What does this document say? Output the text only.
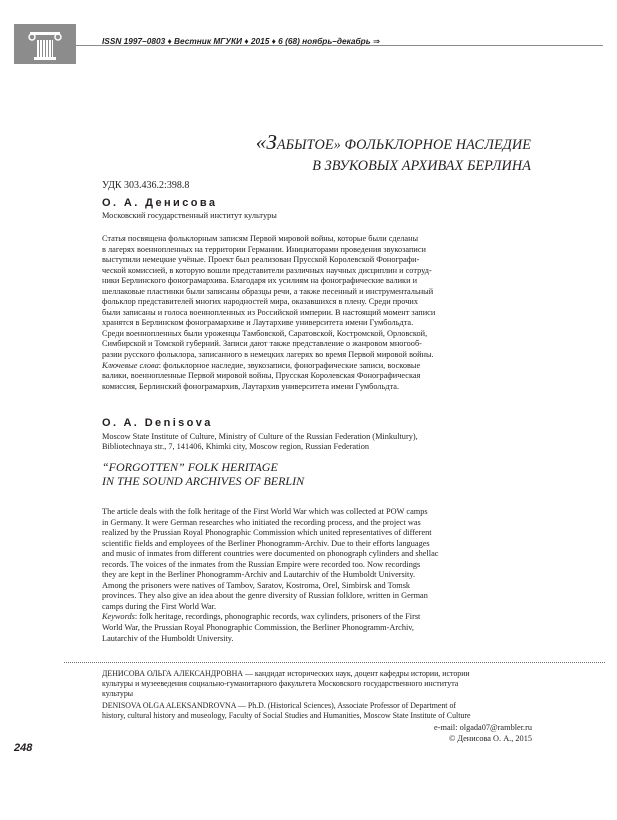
ISSN 1997–0803 ♦ Вестник МГУКИ ♦ 2015 ♦ 6 (68) ноябрь–декабрь ⇒
«ЗАБЫТОЕ» ФОЛЬКЛОРНОЕ НАСЛЕДИЕ
В ЗВУКОВЫХ АРХИВАХ БЕРЛИНА
УДК 303.436.2:398.8
О. А. Денисова
Московский государственный институт культуры
Статья посвящена фольклорным записям Первой мировой войны, которые были сделаны
в лагерях военнопленных на территории Германии. Инициаторами проведения звукозаписи
выступили немецкие учёные. Проект был реализован Прусской Королевской Фонографи-
ческой комиссией, в которую вошли представители различных научных дисциплин и сотруд-
ники Берлинского фонограмархива. Благодаря их усилиям на фонографические валики и
шеллаковые пластинки были записаны образцы речи, а также песенный и инструментальный
фольклор представителей многих народностей мира, оказавшихся в плену. Среди прочих
были записаны и голоса военнопленных из Российской империи. В настоящий момент записи
хранятся в Берлинском фонограмархиве и Лаутархиве университета имени Гумбольдта.
Среди военнопленных были уроженцы Тамбовской, Саратовской, Костромской, Орловской,
Симбирской и Томской губерний. Записи дают также представление о жанровом многооб-
разии русского фольклора, записанного в немецких лагерях во время Первой мировой войны.
Ключевые слова: фольклорное наследие, звукозаписи, фонографические записи, восковые
валики, военнопленные Первой мировой войны, Прусская Королевская Фонографическая
комиссия, Берлинский фонограмархив, Лаутархив университета имени Гумбольдта.
O. A. Denisova
Moscow State Institute of Culture, Ministry of Culture of the Russian Federation (Minkultury),
Bibliotechnaya str., 7, 141406, Khimki city, Moscow region, Russian Federation
“FORGOTTEN” FOLK HERITAGE
IN THE SOUND ARCHIVES OF BERLIN
The article deals with the folk heritage of the First World War which was collected at POW camps
in Germany. It were German researches who initiated the recording process, and the project was
realized by the Prussian Royal Phonographic Commission which united representatives of different
scientific fields and employees of the Berliner Phonogramm-Archiv. Due to their efforts languages
and music of inmates from different countries were documented on phonograph cylinders and shellac
records. The voices of the inmates from the Russian Empire were recorded too. Now recordings
they are kept in the Berliner Phonogramm-Archiv and Lautarchiv of the Humboldt University.
Among the prisoners were natives of Tambov, Saratov, Kostroma, Orel, Simbirsk and Tomsk
provinces. They also give an idea about the genre diversity of Russian folklore, written in German
camps during the First World War.
Keywords: folk heritage, recordings, phonographic records, wax cylinders, prisoners of the First
World War, the Prussian Royal Phonographic Commission, the Berliner Phonogramm-Archiv,
Lautarchiv of the Humboldt University.
ДЕНИСОВА ОЛЬГА АЛЕКСАНДРОВНА — кандидат исторических наук, доцент кафедры истории, истории
культуры и музееведения социально-гуманитарного факультета Московского государственного института
культуры
DENISOVA OLGA ALEKSANDROVNA — Ph.D. (Historical Sciences), Associate Professor of Department of
history, cultural history and museology, Faculty of Social Studies and Humanities, Moscow State Institute of Culture
e-mail: olgada07@rambler.ru
© Денисова О. А., 2015
248
